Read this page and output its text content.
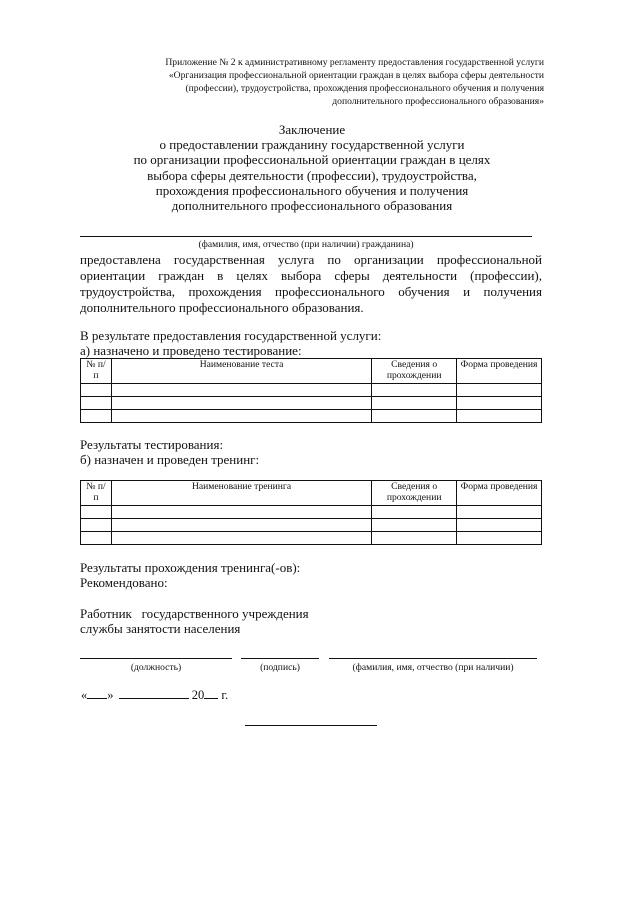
Приложение № 2 к административному регламенту предоставления государственной услуги
«Организация профессиональной ориентации граждан в целях выбора сферы деятельности
(профессии), трудоустройства, прохождения профессионального обучения и получения
дополнительного профессионального образования»
Заключение
о предоставлении гражданину государственной услуги
по организации профессиональной ориентации граждан в целях
выбора сферы деятельности (профессии), трудоустройства,
прохождения профессионального обучения и получения
дополнительного профессионального образования
(фамилия, имя, отчество (при наличии) гражданина)
предоставлена государственная услуга по организации профессиональной ориентации граждан в целях выбора сферы деятельности (профессии), трудоустройства, прохождения профессионального обучения и получения дополнительного профессионального образования.
В результате предоставления государственной услуги:
а) назначено и проведено тестирование:
№ п/п	Наименование теста	Сведения о прохождении	Форма проведения

Результаты тестирования:
б) назначен и проведен тренинг:
№ п/п	Наименование тренинга	Сведения о прохождении	Форма проведения

Результаты прохождения тренинга(-ов):
Рекомендовано:
Работник   государственного учреждения
службы занятости населения
(должность)	(подпись)	(фамилия, имя, отчество (при наличии)
« »	20 г.
